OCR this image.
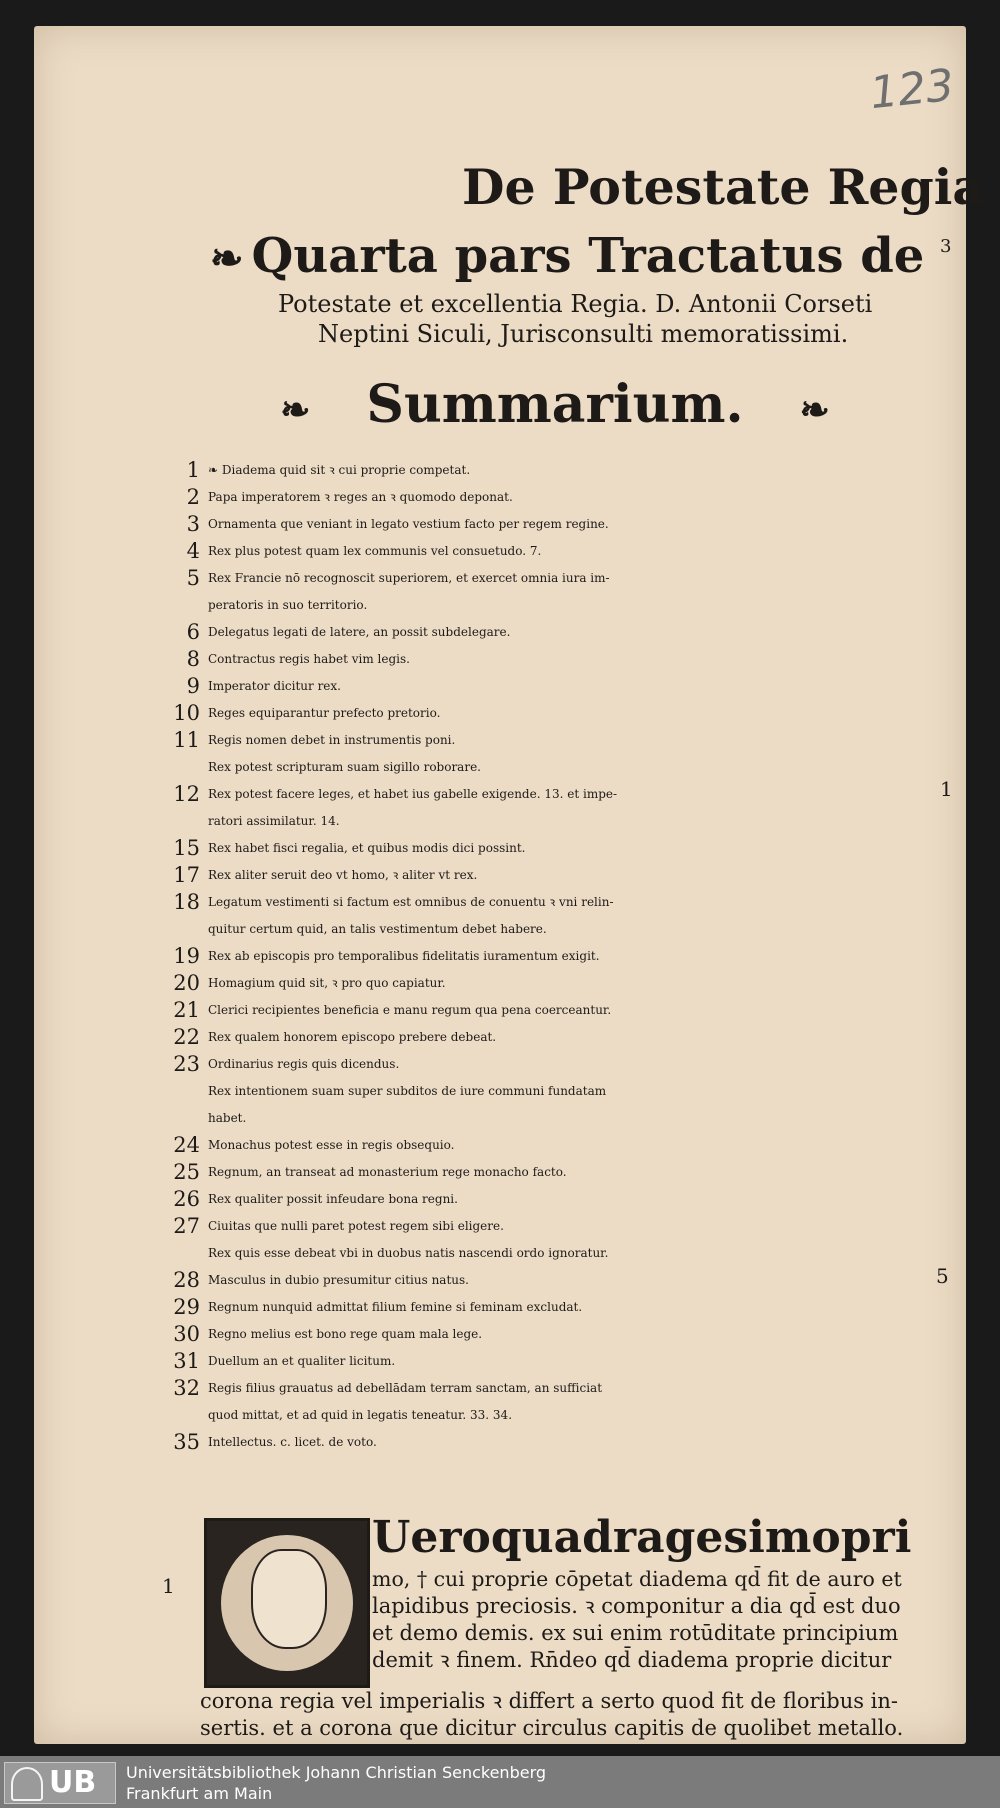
123
De Potestate Regia
❧ Quarta pars Tractatus de 3
Potestate et excellentia Regia. D. Antonii Corseti
Neptini Siculi, Jurisconsulti memoratissimi.
❧ Summarium. ❧
1 ❧ Diadema quid sit ꝛ cui proprie competat.
2 Papa imperatorem ꝛ reges an ꝛ quomodo deponat.
3 Ornamenta que veniant in legato vestium facto per regem regine.
4 Rex plus potest quam lex communis vel consuetudo. 7.
5 Rex Francie nō recognoscit superiorem, et exercet omnia iura im-
peratoris in suo territorio.
6 Delegatus legati de latere, an possit subdelegare.
8 Contractus regis habet vim legis.
9 Imperator dicitur rex.
10 Reges equiparantur prefecto pretorio.
11 Regis nomen debet in instrumentis poni.
Rex potest scripturam suam sigillo roborare.
12 Rex potest facere leges, et habet ius gabelle exigende. 13. et impe-
ratori assimilatur. 14.
15 Rex habet fisci regalia, et quibus modis dici possint.
17 Rex aliter seruit deo vt homo, ꝛ aliter vt rex.
18 Legatum vestimenti si factum est omnibus de conuentu ꝛ vni relin-
quitur certum quid, an talis vestimentum debet habere.
19 Rex ab episcopis pro temporalibus fidelitatis iuramentum exigit.
20 Homagium quid sit, ꝛ pro quo capiatur.
21 Clerici recipientes beneficia e manu regum qua pena coerceantur.
22 Rex qualem honorem episcopo prebere debeat.
23 Ordinarius regis quis dicendus.
Rex intentionem suam super subditos de iure communi fundatam
habet.
24 Monachus potest esse in regis obsequio.
25 Regnum, an transeat ad monasterium rege monacho facto.
26 Rex qualiter possit infeudare bona regni.
27 Ciuitas que nulli paret potest regem sibi eligere.
Rex quis esse debeat vbi in duobus natis nascendi ordo ignoratur.
28 Masculus in dubio presumitur citius natus.
29 Regnum nunquid admittat filium femine si feminam excludat.
30 Regno melius est bono rege quam mala lege.
31 Duellum an et qualiter licitum.
32 Regis filius grauatus ad debellādam terram sanctam, an sufficiat
quod mittat, et ad quid in legatis teneatur. 33. 34.
35 Intellectus. c. licet. de voto.
1
5
1
Ueroquadragesimopri
mo, † cui proprie cōpetat diadema qd̄ fit de auro et
lapidibus preciosis. ꝛ componitur a dia qd̄ est duo
et demo demis. ex sui enim rotūditate principium
demit ꝛ finem. Rn̄deo qd̄ diadema proprie dicitur
corona regia vel imperialis ꝛ differt a serto quod fit de floribus in-
sertis. et a corona que dicitur circulus capitis de quolibet metallo.
UB Universitätsbibliothek Johann Christian Senckenberg
Frankfurt am Main
